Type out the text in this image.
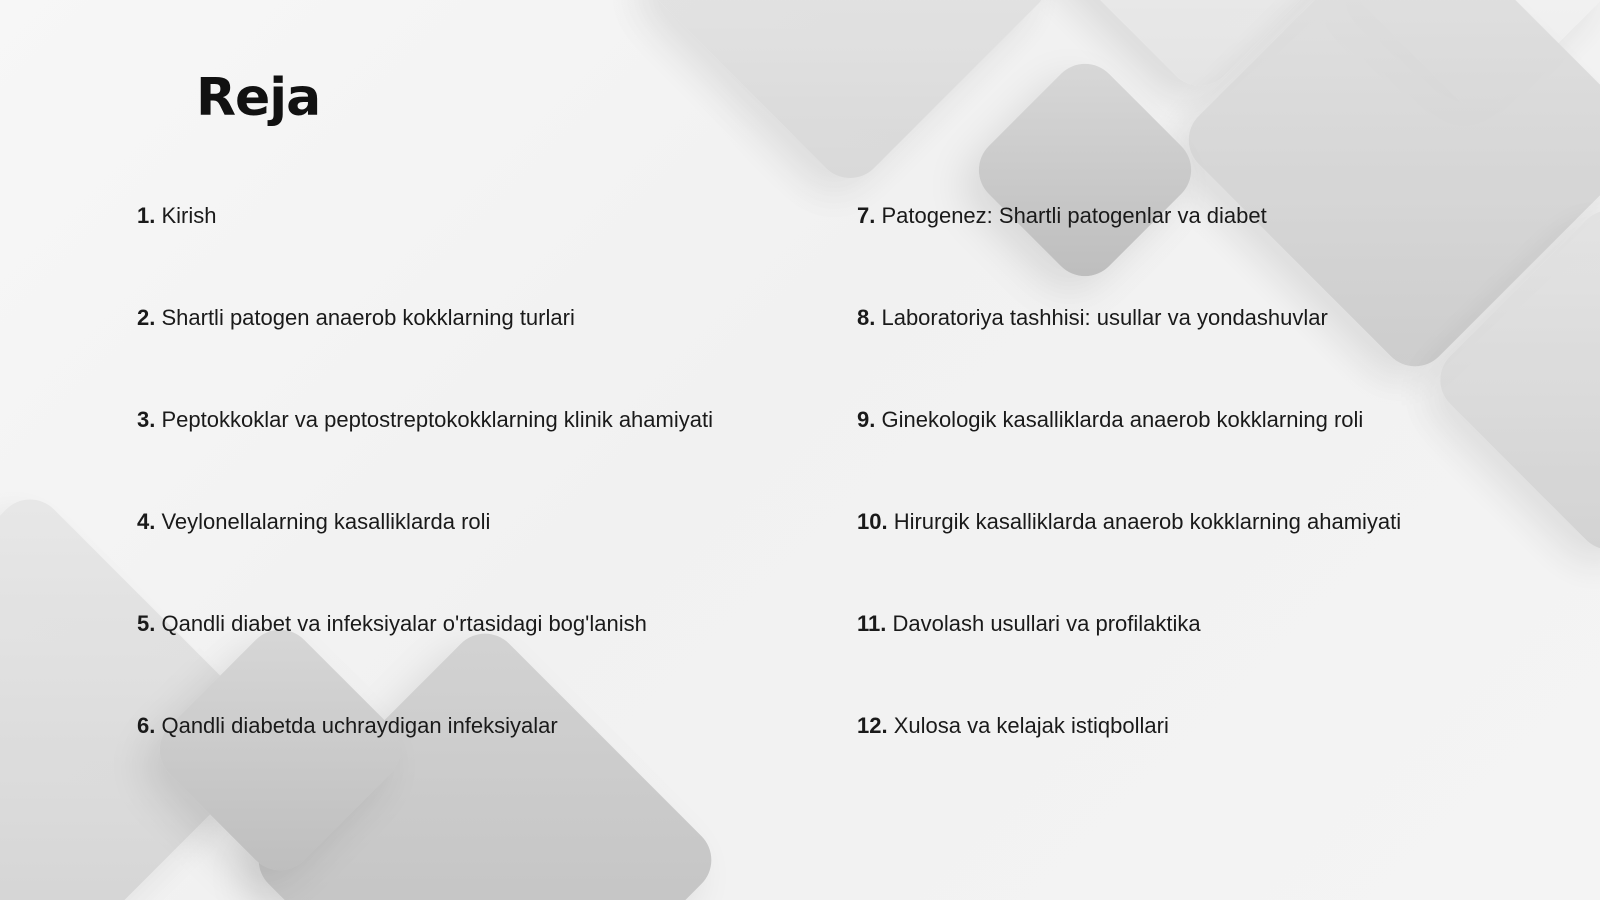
Reja
1. Kirish
2. Shartli patogen anaerob kokklarning turlari
3. Peptokkoklar va peptostreptokokklarning klinik ahamiyati
4. Veylonellalarning kasalliklarda roli
5. Qandli diabet va infeksiyalar o'rtasidagi bog'lanish
6. Qandli diabetda uchraydigan infeksiyalar
7. Patogenez: Shartli patogenlar va diabet
8. Laboratoriya tashhisi: usullar va yondashuvlar
9. Ginekologik kasalliklarda anaerob kokklarning roli
10. Hirurgik kasalliklarda anaerob kokklarning ahamiyati
11. Davolash usullari va profilaktika
12. Xulosa va kelajak istiqbollari
